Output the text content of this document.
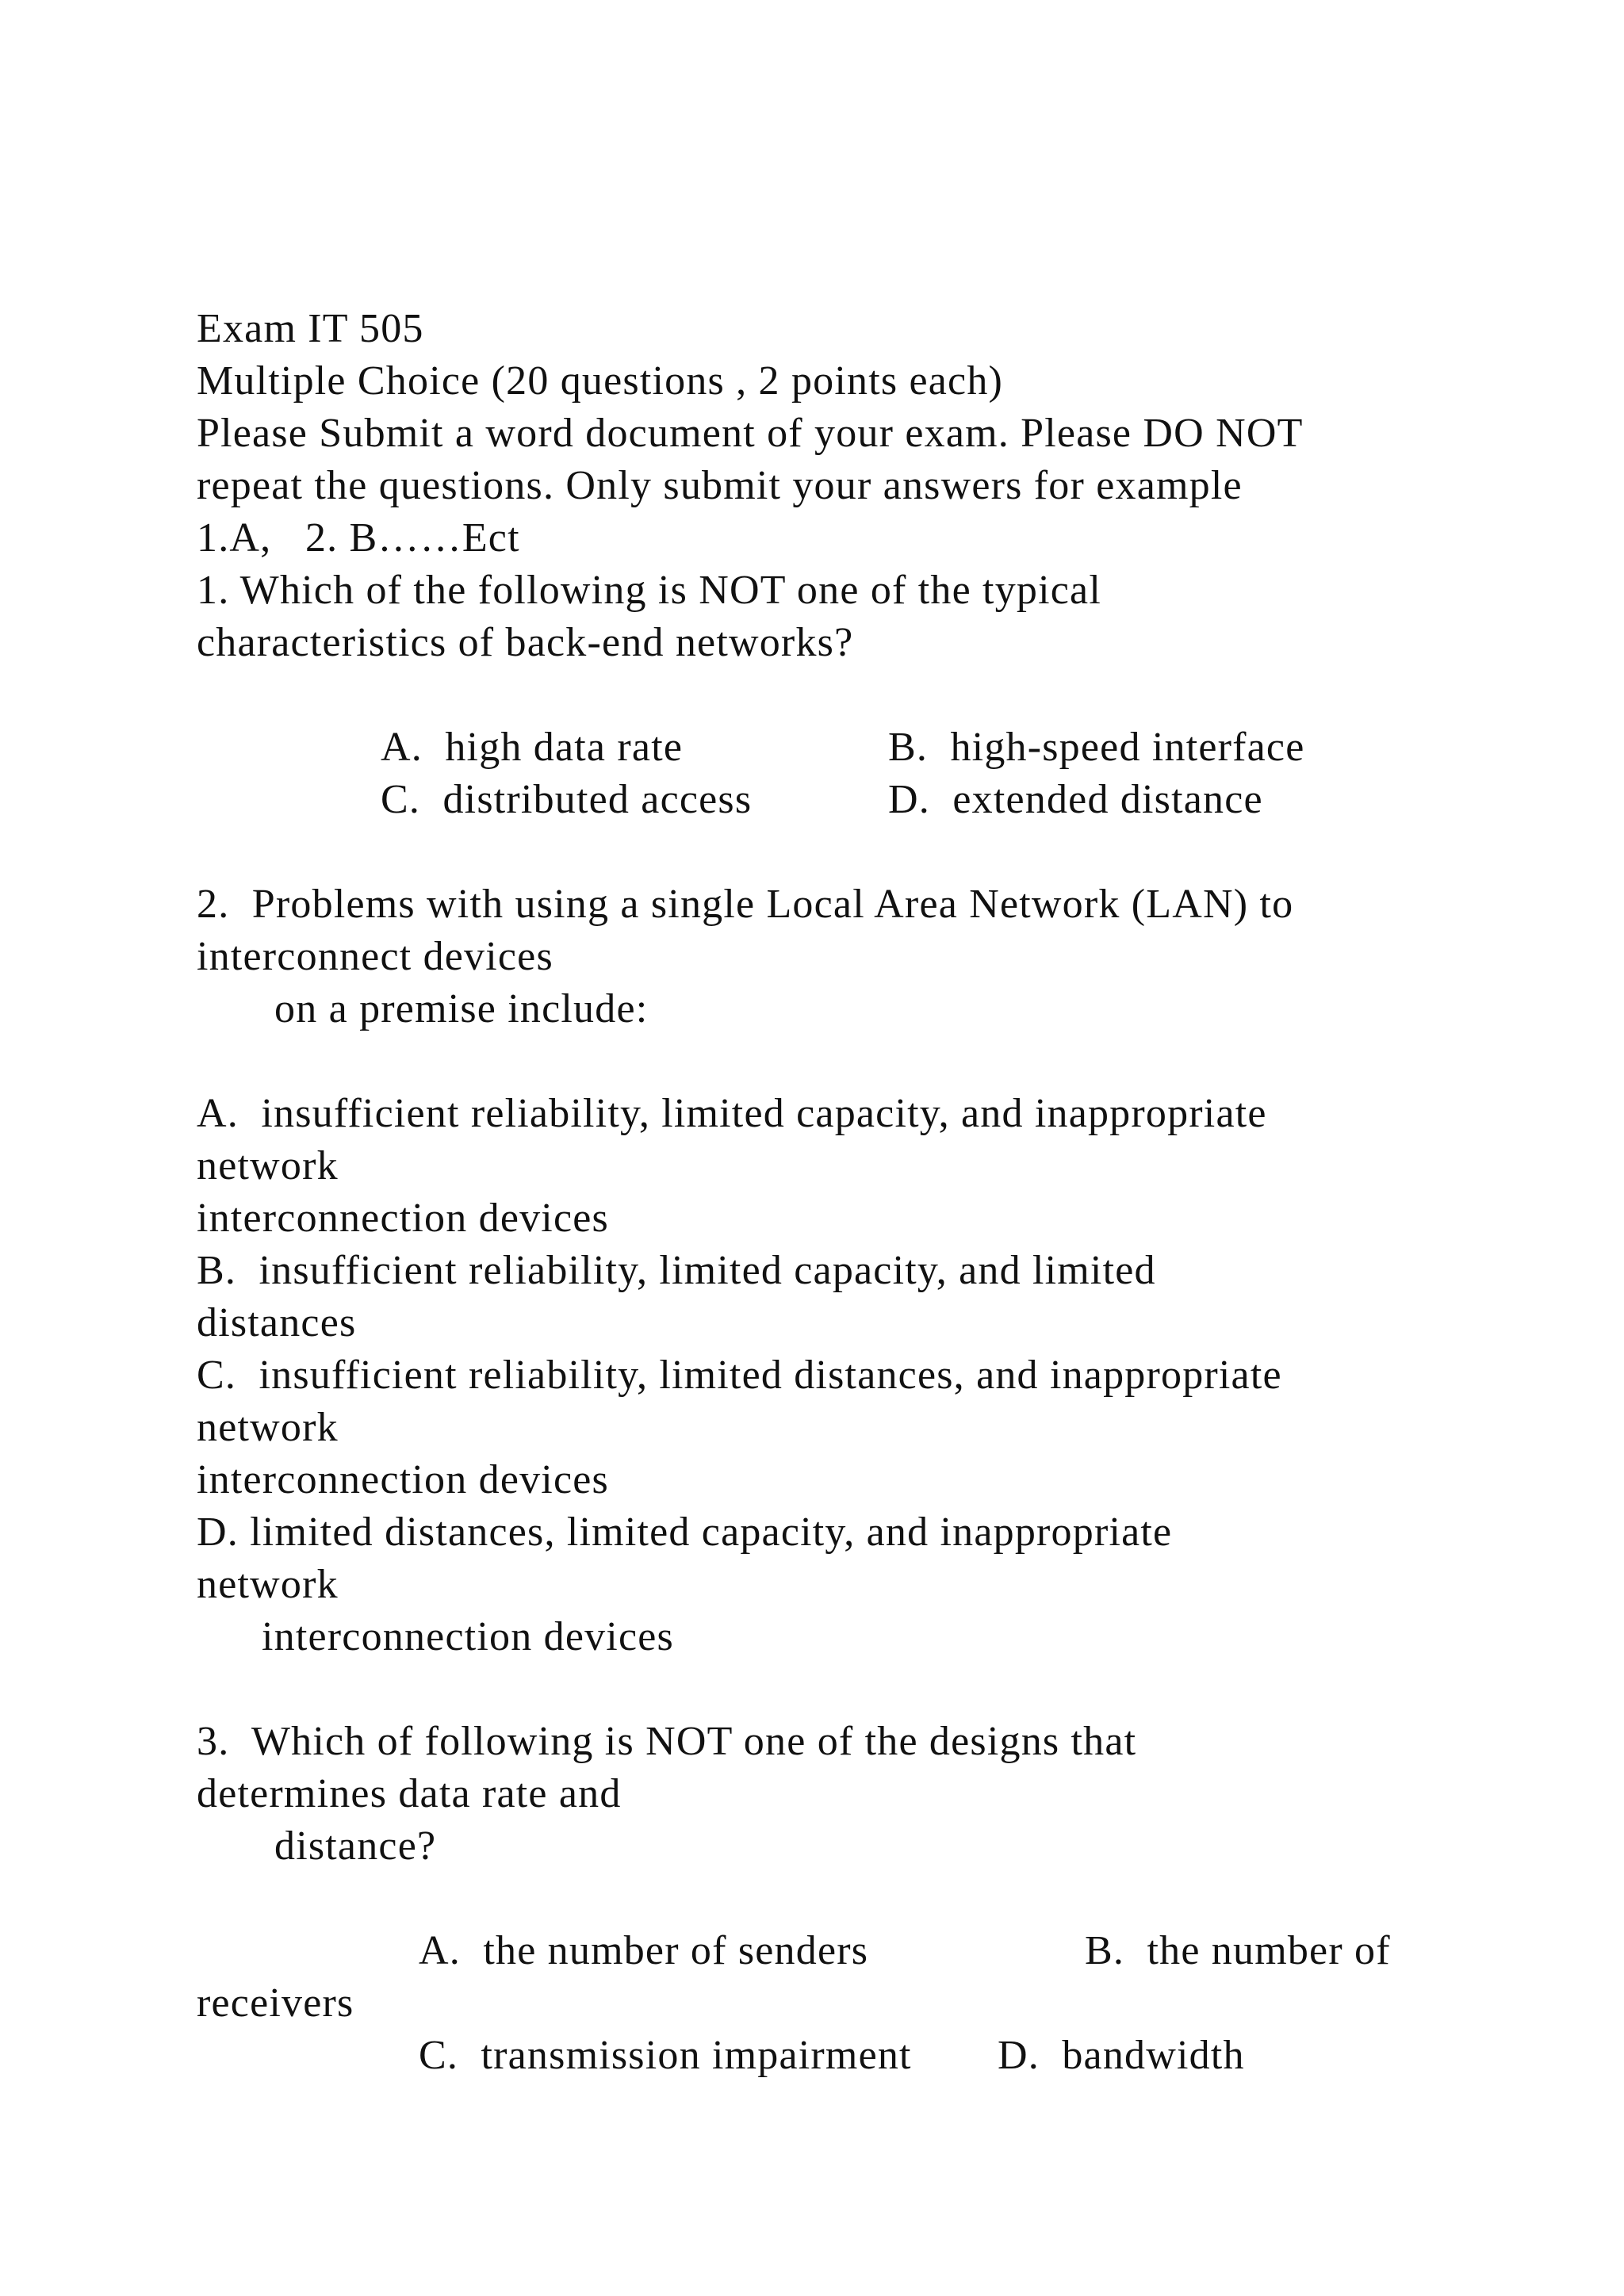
Exam IT 505
Multiple Choice (20 questions , 2 points each)
Please Submit a word document of your exam. Please DO NOT
repeat the questions. Only submit your answers for example
1.A,   2. B……Ect
1. Which of the following is NOT one of the typical
characteristics of back-end networks?
A.  high data rate	B.  high-speed interface
C.  distributed access	D.  extended distance
2.  Problems with using a single Local Area Network (LAN) to
interconnect devices
on a premise include:
A.  insufficient reliability, limited capacity, and inappropriate
network
interconnection devices
B.  insufficient reliability, limited capacity, and limited
distances
C.  insufficient reliability, limited distances, and inappropriate
network
interconnection devices
D. limited distances, limited capacity, and inappropriate
network
interconnection devices
3.  Which of following is NOT one of the designs that
determines data rate and
distance?
A.  the number of senders	B.  the number of
receivers
C.  transmission impairment D.  bandwidth
